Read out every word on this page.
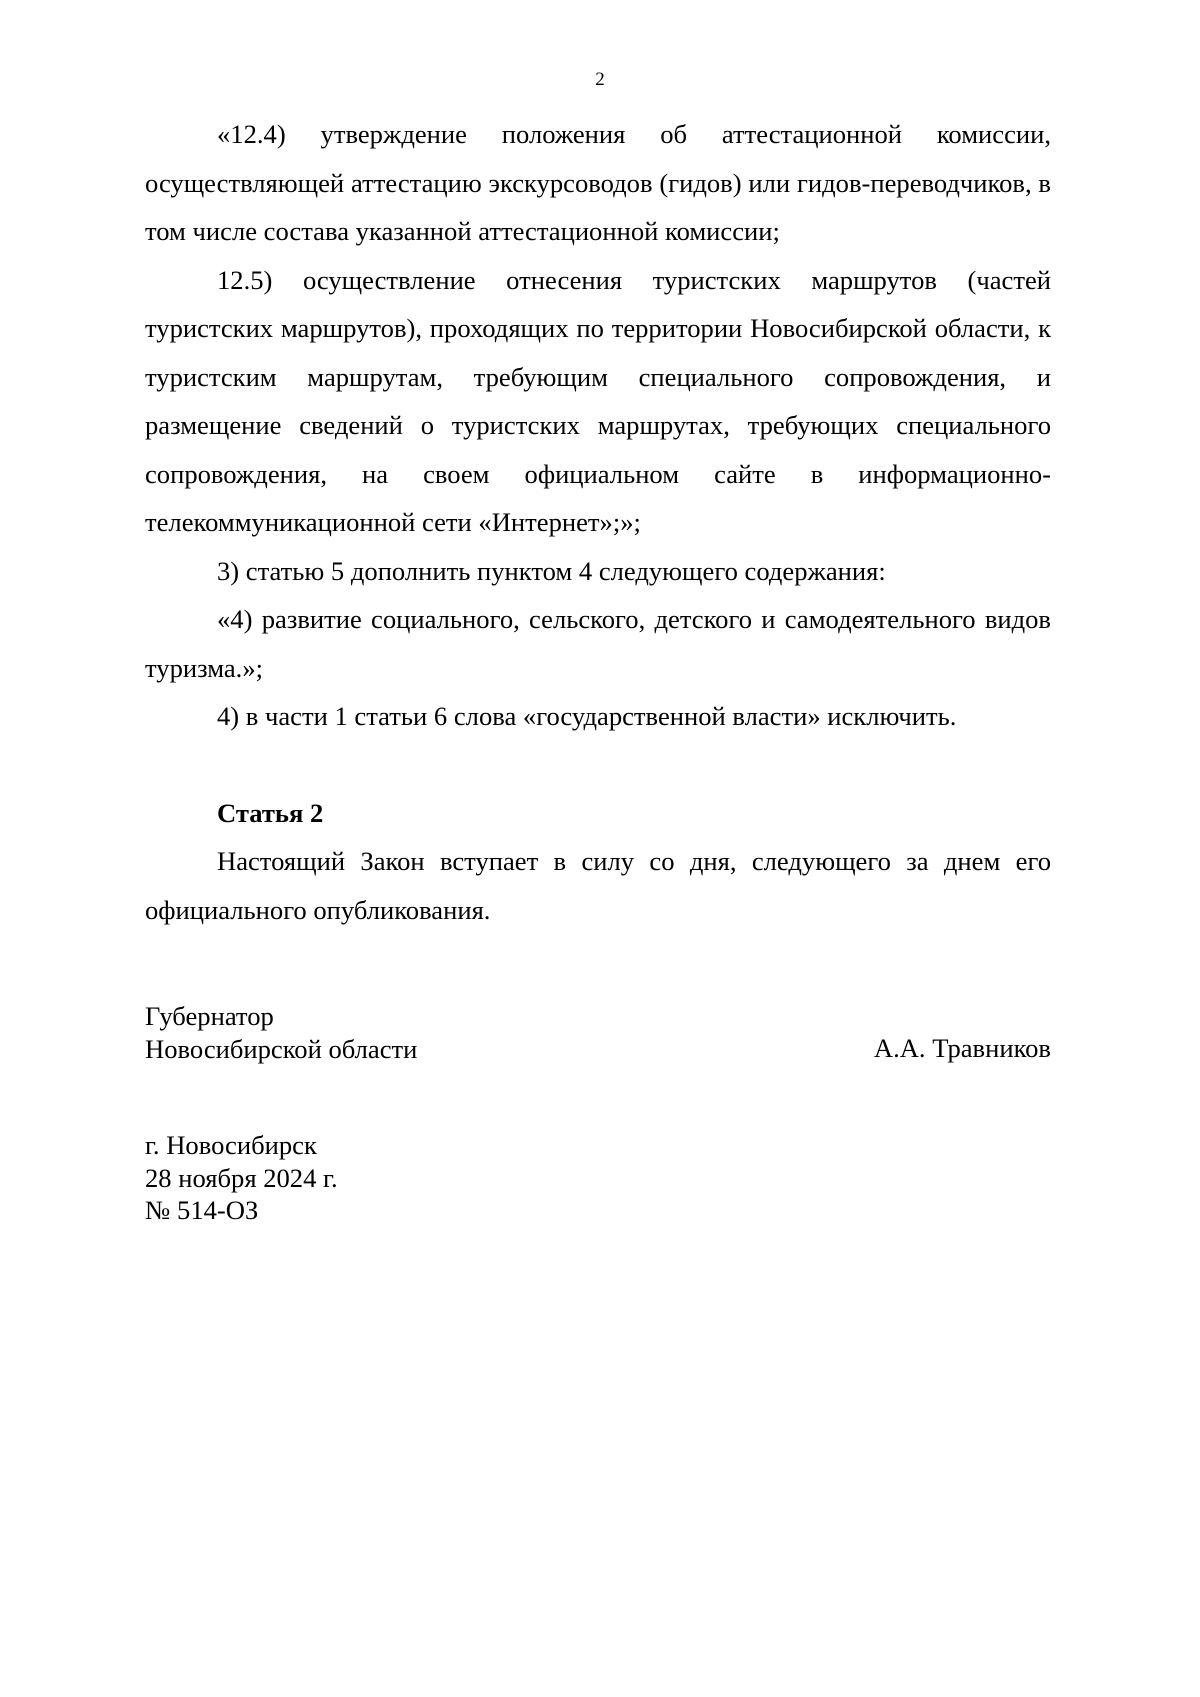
2

«12.4) утверждение положения об аттестационной комиссии, осуществляющей аттестацию экскурсоводов (гидов) или гидов-переводчиков, в том числе состава указанной аттестационной комиссии;

12.5) осуществление отнесения туристских маршрутов (частей туристских маршрутов), проходящих по территории Новосибирской области, к туристским маршрутам, требующим специального сопровождения, и размещение сведений о туристских маршрутах, требующих специального сопровождения, на своем официальном сайте в информационно-телекоммуникационной сети «Интернет»;»;

3) статью 5 дополнить пунктом 4 следующего содержания:

«4) развитие социального, сельского, детского и самодеятельного видов туризма.»;

4) в части 1 статьи 6 слова «государственной власти» исключить.

Статья 2

Настоящий Закон вступает в силу со дня, следующего за днем его официального опубликования.

Губернатор
Новосибирской области	А.А. Травников
г. Новосибирск
28 ноября 2024 г.
№ 514-ОЗ
